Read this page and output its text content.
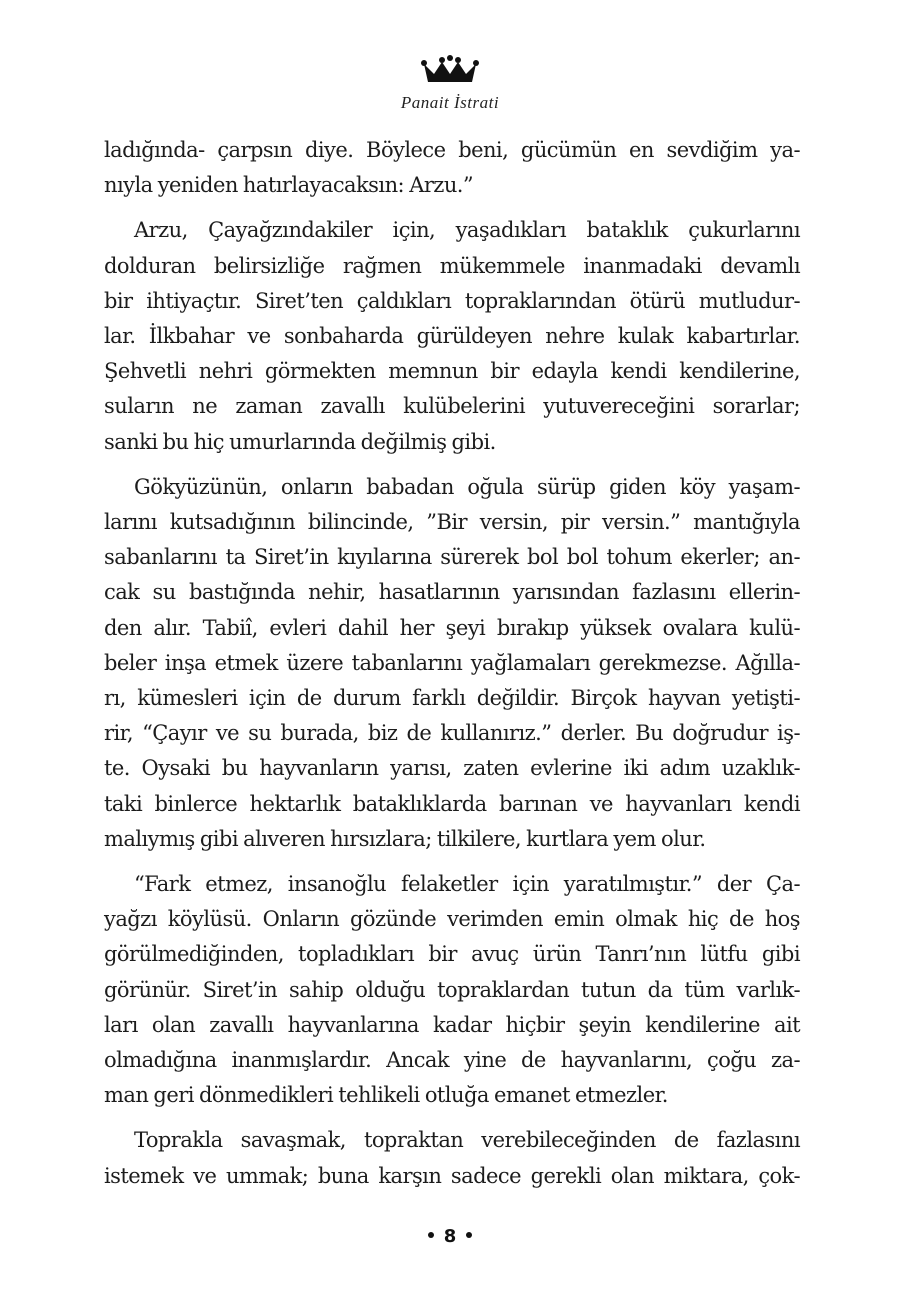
Panait İstrati
ladığında- çarpsın diye. Böylece beni, gücümün en sevdiğim ya-
nıyla yeniden hatırlayacaksın: Arzu.”
Arzu, Çayağzındakiler için, yaşadıkları bataklık çukurlarını
dolduran belirsizliğe rağmen mükemmele inanmadaki devamlı
bir ihtiyaçtır. Siret’ten çaldıkları topraklarından ötürü mutludur-
lar. İlkbahar ve sonbaharda gürüldeyen nehre kulak kabartırlar.
Şehvetli nehri görmekten memnun bir edayla kendi kendilerine,
suların ne zaman zavallı kulübelerini yutuvereceğini sorarlar;
sanki bu hiç umurlarında değilmiş gibi.
Gökyüzünün, onların babadan oğula sürüp giden köy yaşam-
larını kutsadığının bilincinde, ”Bir versin, pir versin.” mantığıyla
sabanlarını ta Siret’in kıyılarına sürerek bol bol tohum ekerler; an-
cak su bastığında nehir, hasatlarının yarısından fazlasını ellerin-
den alır. Tabiî, evleri dahil her şeyi bırakıp yüksek ovalara kulü-
beler inşa etmek üzere tabanlarını yağlamaları gerekmezse. Ağılla-
rı, kümesleri için de durum farklı değildir. Birçok hayvan yetişti-
rir, “Çayır ve su burada, biz de kullanırız.” derler. Bu doğrudur iş-
te. Oysaki bu hayvanların yarısı, zaten evlerine iki adım uzaklık-
taki binlerce hektarlık bataklıklarda barınan ve hayvanları kendi
malıymış gibi alıveren hırsızlara; tilkilere, kurtlara yem olur.
“Fark etmez, insanoğlu felaketler için yaratılmıştır.” der Ça-
yağzı köylüsü. Onların gözünde verimden emin olmak hiç de hoş
görülmediğinden, topladıkları bir avuç ürün Tanrı’nın lütfu gibi
görünür. Siret’in sahip olduğu topraklardan tutun da tüm varlık-
ları olan zavallı hayvanlarına kadar hiçbir şeyin kendilerine ait
olmadığına inanmışlardır. Ancak yine de hayvanlarını, çoğu za-
man geri dönmedikleri tehlikeli otluğa emanet etmezler.
Toprakla savaşmak, topraktan verebileceğinden de fazlasını
istemek ve ummak; buna karşın sadece gerekli olan miktara, çok-
8
